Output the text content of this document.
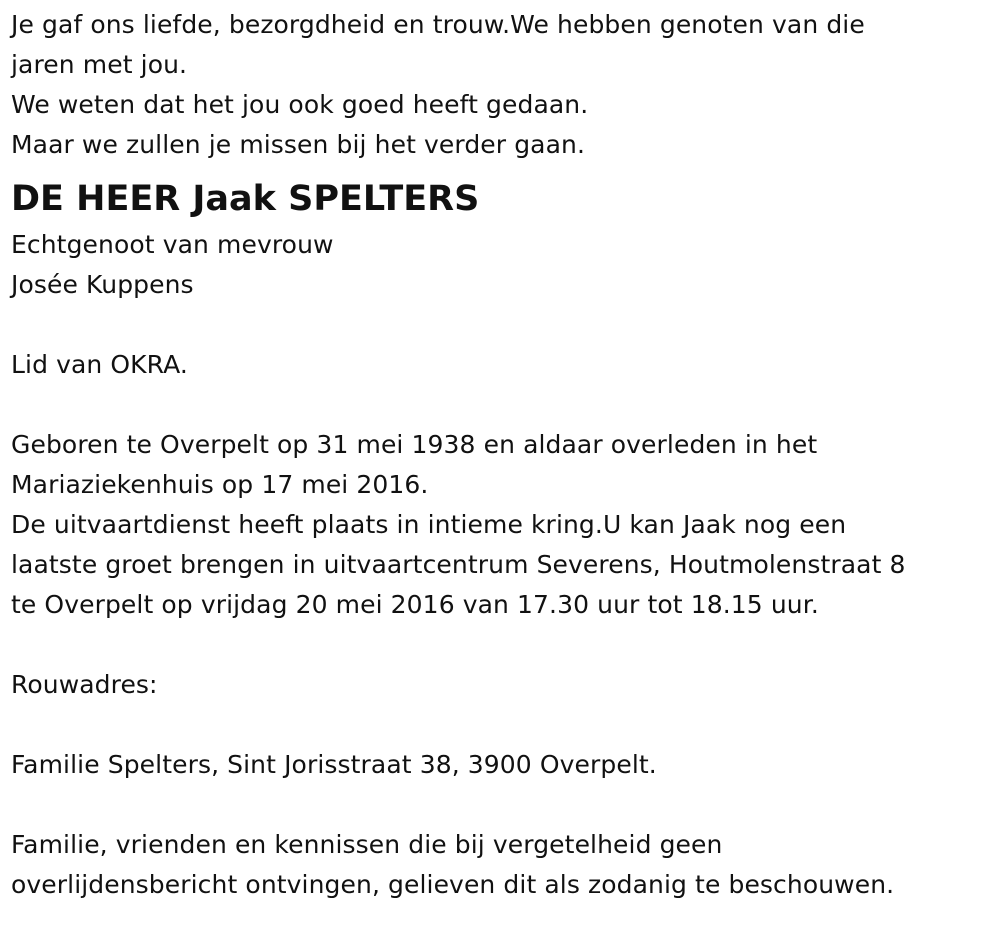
Je gaf ons liefde, bezorgdheid en trouw.We hebben genoten van die
jaren met jou.
We weten dat het jou ook goed heeft gedaan.
Maar we zullen je missen bij het verder gaan.
DE HEER Jaak SPELTERS
Echtgenoot van mevrouw
Josée Kuppens
Lid van OKRA.
Geboren te Overpelt op 31 mei 1938 en aldaar overleden in het
Mariaziekenhuis op 17 mei 2016.
De uitvaartdienst heeft plaats in intieme kring.U kan Jaak nog een
laatste groet brengen in uitvaartcentrum Severens, Houtmolenstraat 8
te Overpelt op vrijdag 20 mei 2016 van 17.30 uur tot 18.15 uur.
Rouwadres:
Familie Spelters, Sint Jorisstraat 38, 3900 Overpelt.
Familie, vrienden en kennissen die bij vergetelheid geen
overlijdensbericht ontvingen, gelieven dit als zodanig te beschouwen.
